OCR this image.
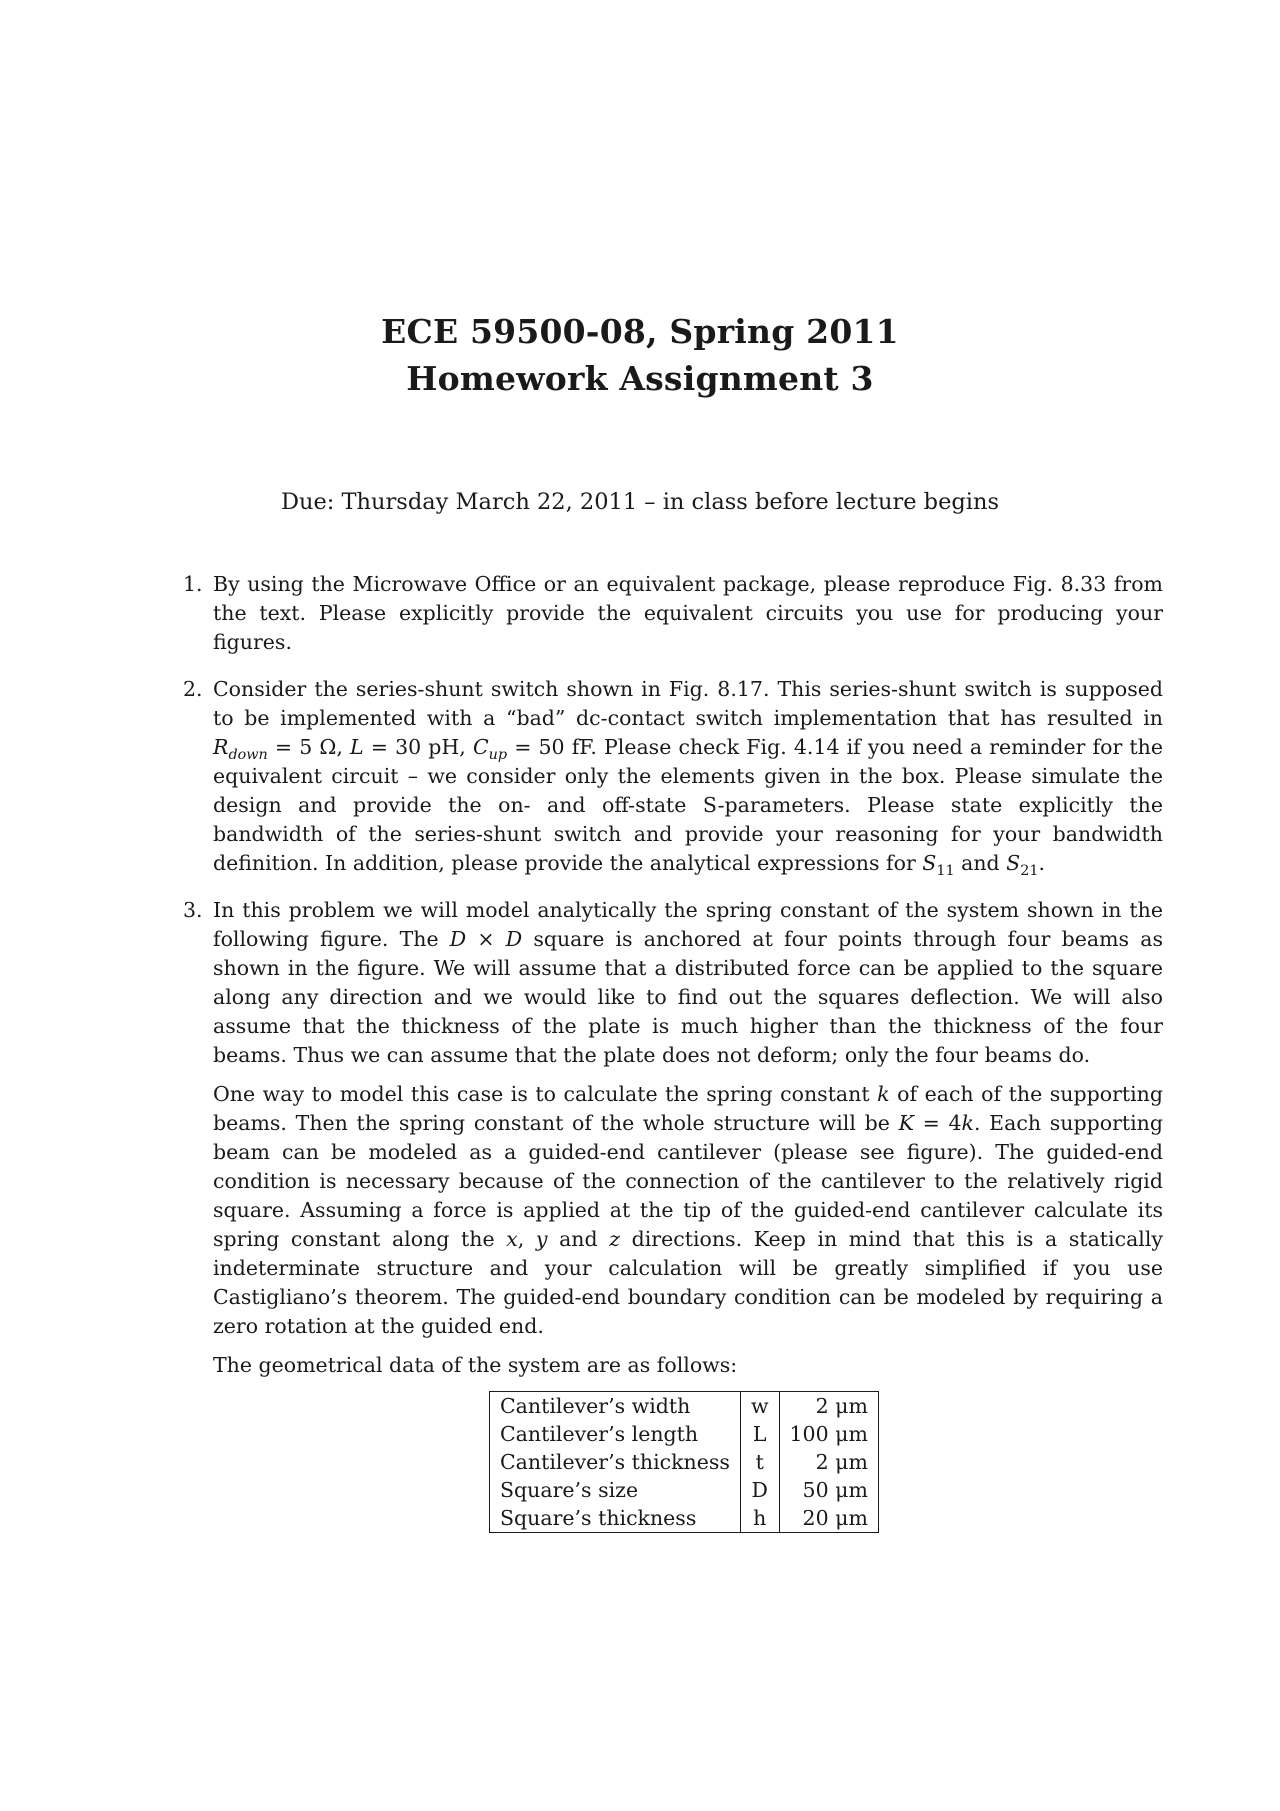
ECE 59500-08, Spring 2011
Homework Assignment 3
Due: Thursday March 22, 2011 – in class before lecture begins
1. By using the Microwave Office or an equivalent package, please reproduce Fig. 8.33 from the text. Please explicitly provide the equivalent circuits you use for producing your figures.

2. Consider the series-shunt switch shown in Fig. 8.17. This series-shunt switch is supposed to be implemented with a “bad” dc-contact switch implementation that has resulted in $R_{down} = 5$ Ω, L = 30 pH, $C_{up} = 50$ fF. Please check Fig. 4.14 if you need a reminder for the equivalent circuit – we consider only the elements given in the box. Please simulate the design and provide the on- and off-state S-parameters. Please state explicitly the bandwidth of the series-shunt switch and provide your reasoning for your bandwidth definition. In addition, please provide the analytical expressions for $S_{11}$ and $S_{21}$.

3. In this problem we will model analytically the spring constant of the system shown in the following figure. The D × D square is anchored at four points through four beams as shown in the figure. We will assume that a distributed force can be applied to the square along any direction and we would like to find out the squares deflection. We will also assume that the thickness of the plate is much higher than the thickness of the four beams. Thus we can assume that the plate does not deform; only the four beams do.

One way to model this case is to calculate the spring constant k of each of the supporting beams. Then the spring constant of the whole structure will be K = 4k. Each supporting beam can be modeled as a guided-end cantilever (please see figure). The guided-end condition is necessary because of the connection of the cantilever to the relatively rigid square. Assuming a force is applied at the tip of the guided-end cantilever calculate its spring constant along the x, y and z directions. Keep in mind that this is a statically indeterminate structure and your calculation will be greatly simplified if you use Castigliano’s theorem. The guided-end boundary condition can be modeled by requiring a zero rotation at the guided end.

The geometrical data of the system are as follows:

Cantilever’s width	w	2 μm
Cantilever’s length	L	100 μm
Cantilever’s thickness	t	2 μm
Square’s size	D	50 μm
Square’s thickness	h	20 μm
